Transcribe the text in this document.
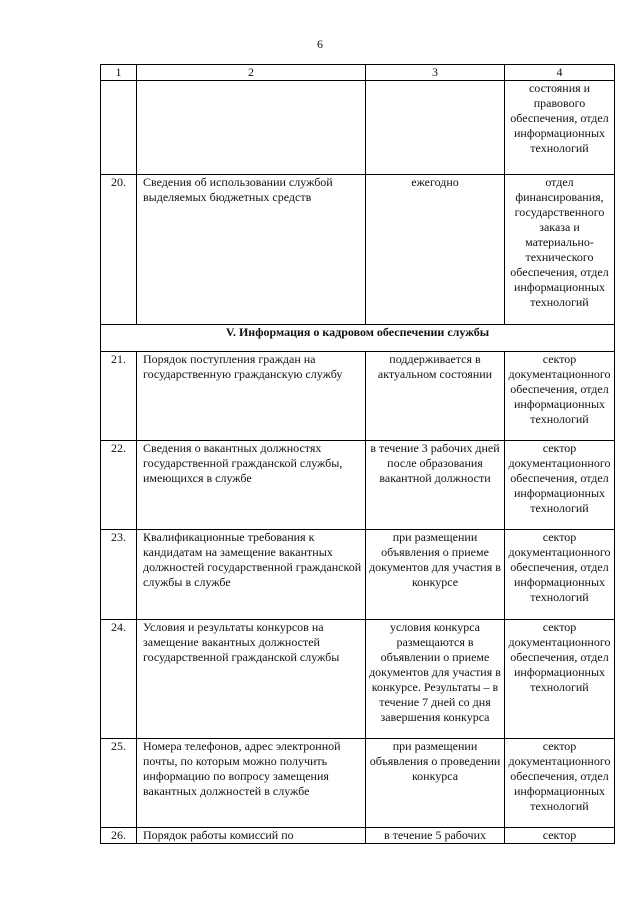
6
1	2	3	4
			состояния и правового обеспечения, отдел информационных технологий
20.	Сведения об использовании службой выделяемых бюджетных средств	ежегодно	отдел финансирования, государственного заказа и материально-технического обеспечения, отдел информационных технологий
V. Информация о кадровом обеспечении службы			
21.	Порядок поступления граждан на государственную гражданскую службу	поддерживается в актуальном состоянии	сектор документационного обеспечения, отдел информационных технологий
22.	Сведения о вакантных должностях государственной гражданской службы, имеющихся в службе	в течение 3 рабочих дней после образования вакантной должности	сектор документационного обеспечения, отдел информационных технологий
23.	Квалификационные требования к кандидатам на замещение вакантных должностей государственной гражданской службы в службе	при размещении объявления о приеме документов для участия в конкурсе	сектор документационного обеспечения, отдел информационных технологий
24.	Условия и результаты конкурсов на замещение вакантных должностей государственной гражданской службы	условия конкурса размещаются в объявлении о приеме документов для участия в конкурсе. Результаты – в течение 7 дней со дня завершения конкурса	сектор документационного обеспечения, отдел информационных технологий
25.	Номера телефонов, адрес электронной почты, по которым можно получить информацию по вопросу замещения вакантных должностей в службе	при размещении объявления о проведении конкурса	сектор документационного обеспечения, отдел информационных технологий
26.	Порядок работы комиссий по	в течение 5 рабочих	сектор
